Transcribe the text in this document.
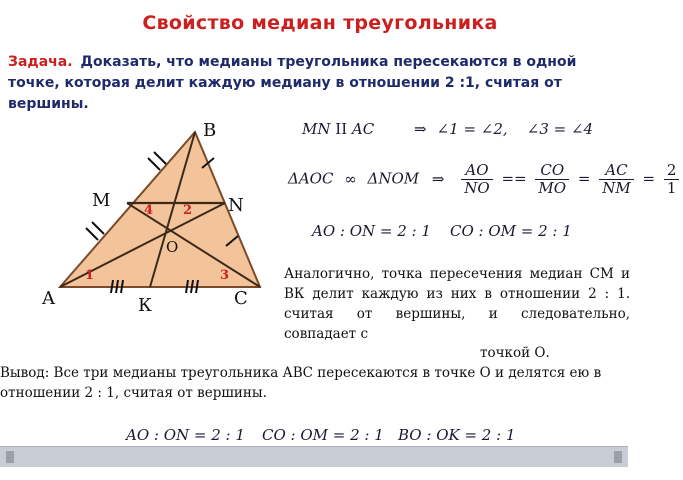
Свойство медиан треугольника
Задача. Доказать, что медианы треугольника пересекаются в одной точке, которая делит каждую медиану в отношении 2 :1, считая от вершины.
B
M	N
O
A	C
К
1
2
3
4
MN II AC	⇒ ∠1 = ∠2,    ∠3 = ∠4
ΔAOC ∞ ΔNOM ⇒ $\frac{AO}{NO} == \frac{CO}{MO} = \frac{AC}{NM} = \frac{2}{1}$
AO : ON = 2 : 1 CO : OM = 2 : 1
Аналогично, точка пересечения медиан СМ и ВК делит каждую из них в отношении 2 : 1. считая от вершины, и следовательно, совпадает с
точкой О.
Вывод: Все три медианы треугольника АВС пересекаются в точке О и делятся ею в отношении 2 : 1, считая от вершины.
AO : ON = 2 : 1 CO : OM = 2 : 1 BO : OK = 2 : 1
